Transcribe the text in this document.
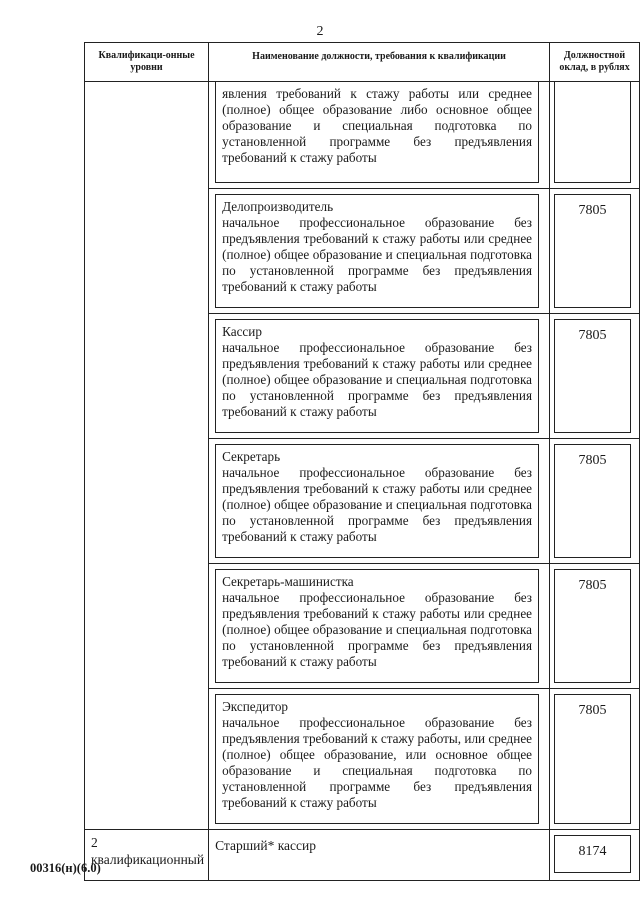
2
Квалификаци-онные уровни	Наименование должности, требования к квалификации	Должностной оклад, в рублях

	явления требований к стажу работы или среднее (полное) общее образование либо основное общее образование и специальная подготовка по установленной программе без предъявления требований к стажу работы	

	Делопроизводитель
начальное профессиональное образование без предъявления требований к стажу работы или среднее (полное) общее образование и специальная подготовка по установленной программе без предъявления требований к стажу работы	7805

	Кассир
начальное профессиональное образование без предъявления требований к стажу работы или среднее (полное) общее образование и специальная подготовка по установленной программе без предъявления требований к стажу работы	7805

	Секретарь
начальное профессиональное образование без предъявления требований к стажу работы или среднее (полное) общее образование и специальная подготовка по установленной программе без предъявления требований к стажу работы	7805

	Секретарь-машинистка
начальное профессиональное образование без предъявления требований к стажу работы или среднее (полное) общее образование и специальная подготовка по установленной программе без предъявления требований к стажу работы	7805

	Экспедитор
начальное профессиональное образование без предъявления требований к стажу работы, или среднее (полное) общее образование, или основное общее образование и специальная подготовка по установленной программе без предъявления требований к стажу работы	7805

2 квалификационный	Старший* кассир	8174
00316(н)(6.0)
